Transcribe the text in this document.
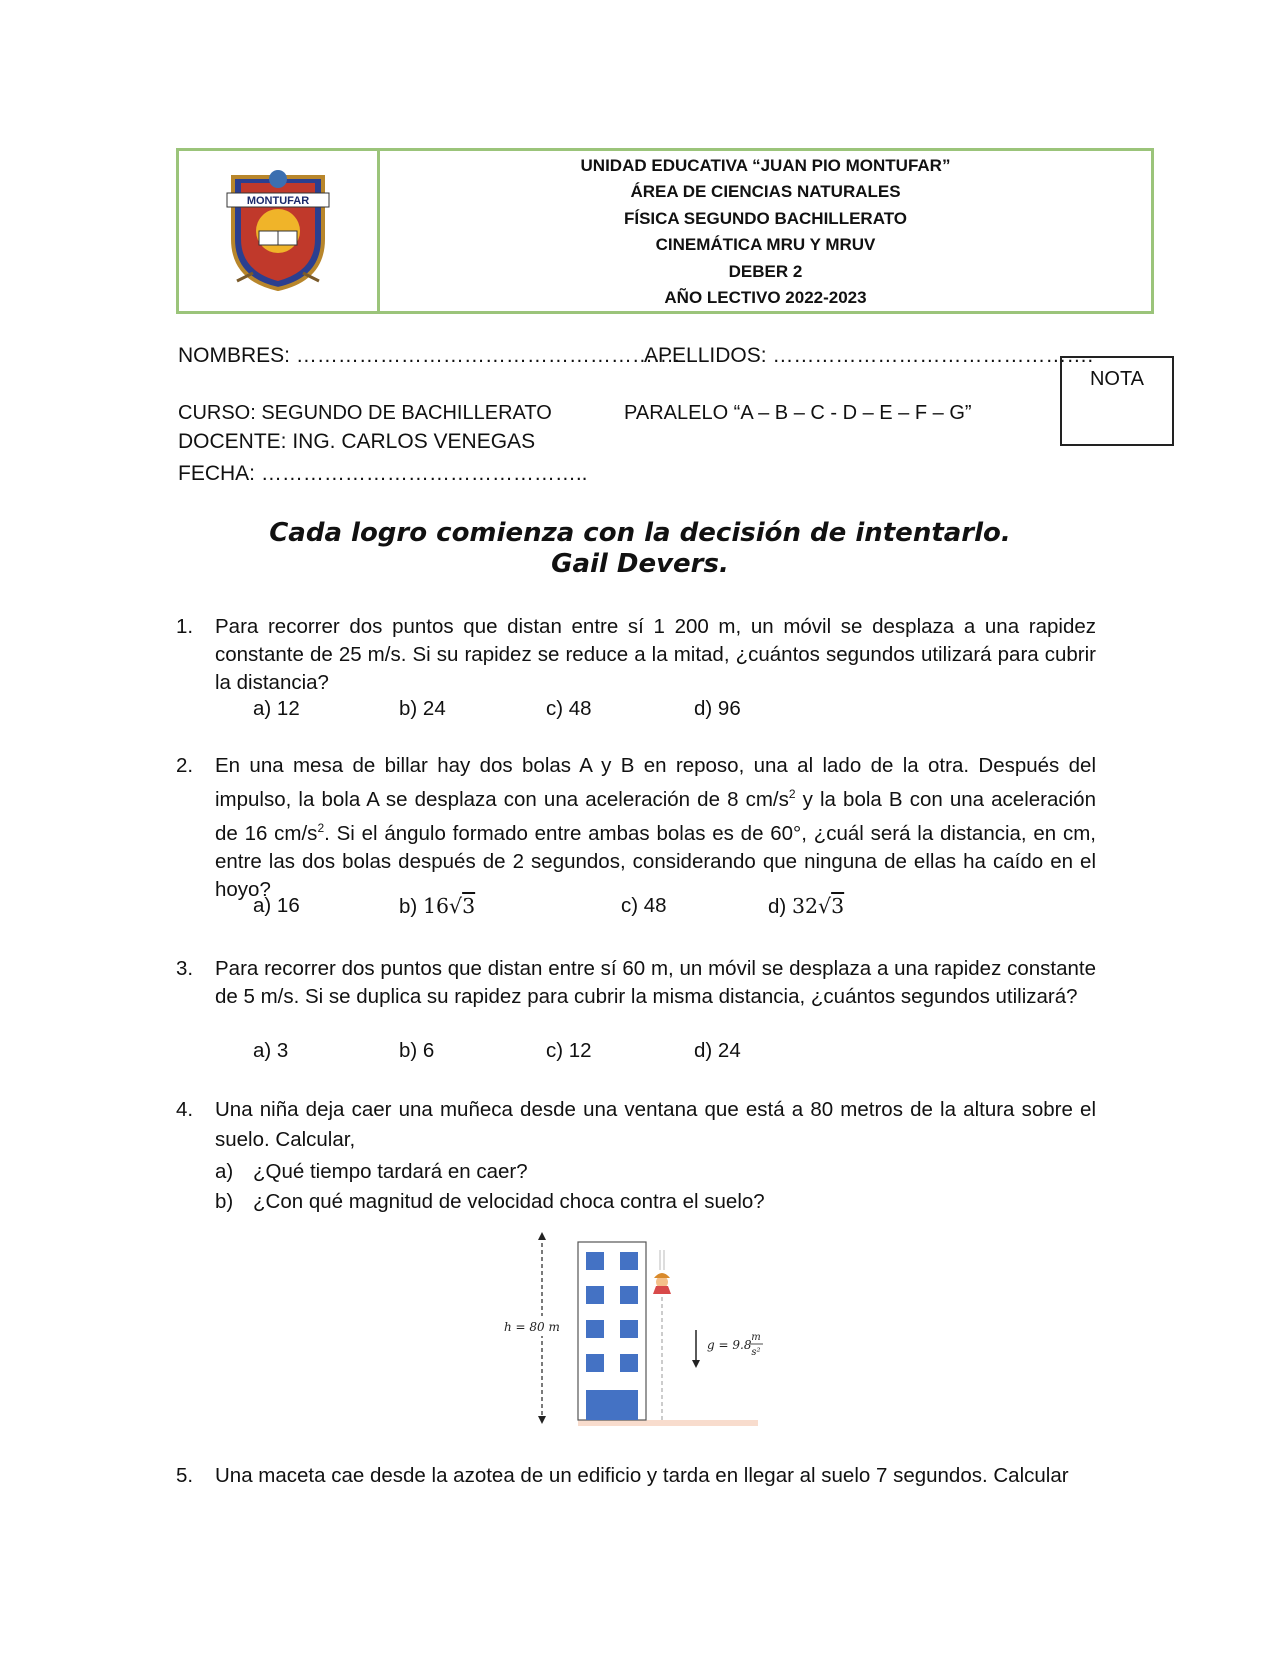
MONTUFAR
UNIDAD EDUCATIVA “JUAN PIO MONTUFAR”
ÁREA DE CIENCIAS NATURALES
FÍSICA SEGUNDO BACHILLERATO
CINEMÁTICA MRU Y MRUV
DEBER 2
AÑO LECTIVO 2022-2023
NOMBRES: ……………………………………………….
APELLIDOS: ……………………………………….
NOTA
CURSO: SEGUNDO DE BACHILLERATO	PARALELO “A – B – C - D – E – F – G”
DOCENTE: ING. CARLOS VENEGAS
FECHA: ………………………………………..
Cada logro comienza con la decisión de intentarlo.
Gail Devers.
1. Para recorrer dos puntos que distan entre sí 1 200 m, un móvil se desplaza a una rapidez constante de 25 m/s. Si su rapidez se reduce a la mitad, ¿cuántos segundos utilizará para cubrir la distancia?
a) 12	b) 24	c) 48	d) 96
2. En una mesa de billar hay dos bolas A y B en reposo, una al lado de la otra. Después del impulso, la bola A se desplaza con una aceleración de 8 $cm/s^2$ y la bola B con una aceleración de 16 $cm/s^2$. Si el ángulo formado entre ambas bolas es de 60°, ¿cuál será la distancia, en cm, entre las dos bolas después de 2 segundos, considerando que ninguna de ellas ha caído en el hoyo?
a) 16	b) 16√3	c) 48	d) 32√3
3. Para recorrer dos puntos que distan entre sí 60 m, un móvil se desplaza a una rapidez constante de 5 m/s. Si se duplica su rapidez para cubrir la misma distancia, ¿cuántos segundos utilizará?
a) 3	b) 6	c) 12	d) 24
4. Una niña deja caer una muñeca desde una ventana que está a 80 metros de la altura sobre el suelo. Calcular,
a) ¿Qué tiempo tardará en caer?
b) ¿Con qué magnitud de velocidad choca contra el suelo?
h = 80 m
g = 9.8
m
s²
5. Una maceta cae desde la azotea de un edificio y tarda en llegar al suelo 7 segundos. Calcular
